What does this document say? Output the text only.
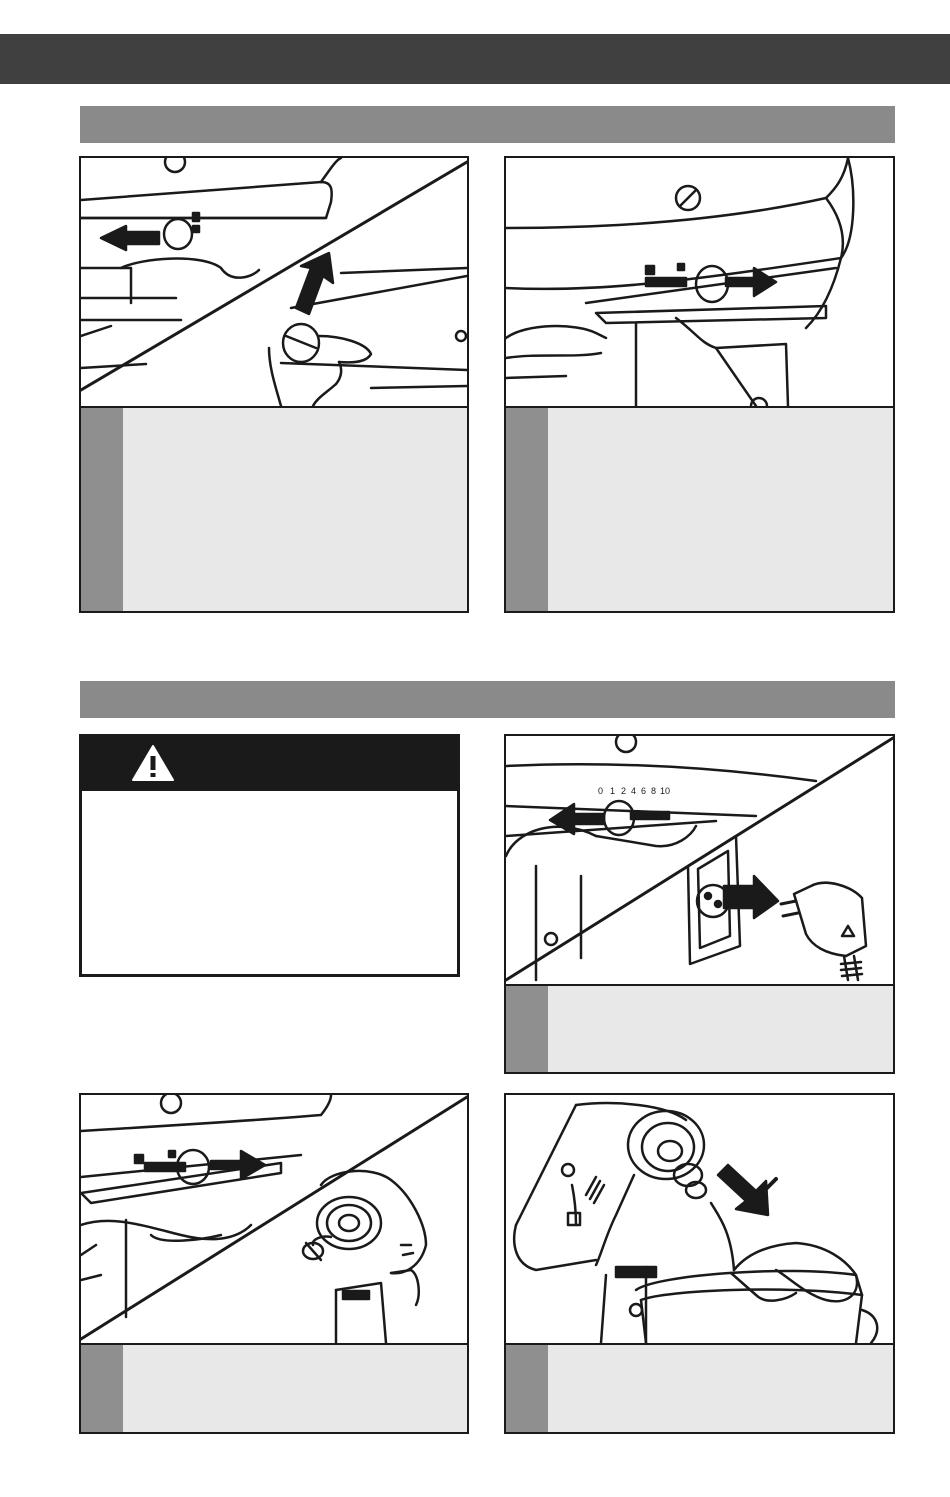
0 1 2 4 6 8 10
